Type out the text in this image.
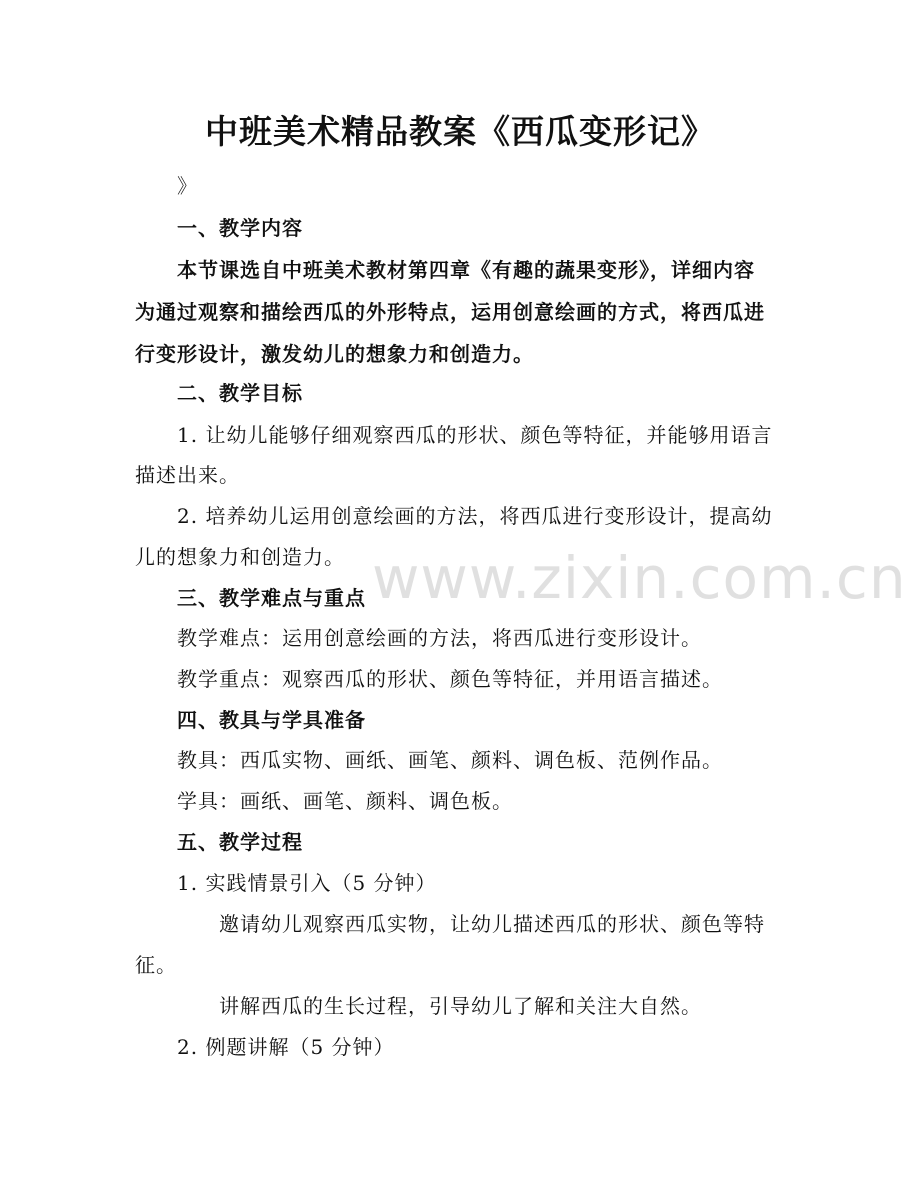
www.zixin.com.cn
中班美术精品教案《西瓜变形记》
》
一、教学内容
本节课选自中班美术教材第四章《有趣的蔬果变形》，详细内容
为通过观察和描绘西瓜的外形特点，运用创意绘画的方式，将西瓜进
行变形设计，激发幼儿的想象力和创造力。
二、教学目标
1. 让幼儿能够仔细观察西瓜的形状、颜色等特征，并能够用语言
描述出来。
2. 培养幼儿运用创意绘画的方法，将西瓜进行变形设计，提高幼
儿的想象力和创造力。
三、教学难点与重点
教学难点：运用创意绘画的方法，将西瓜进行变形设计。
教学重点：观察西瓜的形状、颜色等特征，并用语言描述。
四、教具与学具准备
教具：西瓜实物、画纸、画笔、颜料、调色板、范例作品。
学具：画纸、画笔、颜料、调色板。
五、教学过程
1. 实践情景引入（5 分钟）
邀请幼儿观察西瓜实物，让幼儿描述西瓜的形状、颜色等特
征。
讲解西瓜的生长过程，引导幼儿了解和关注大自然。
2. 例题讲解（5 分钟）
